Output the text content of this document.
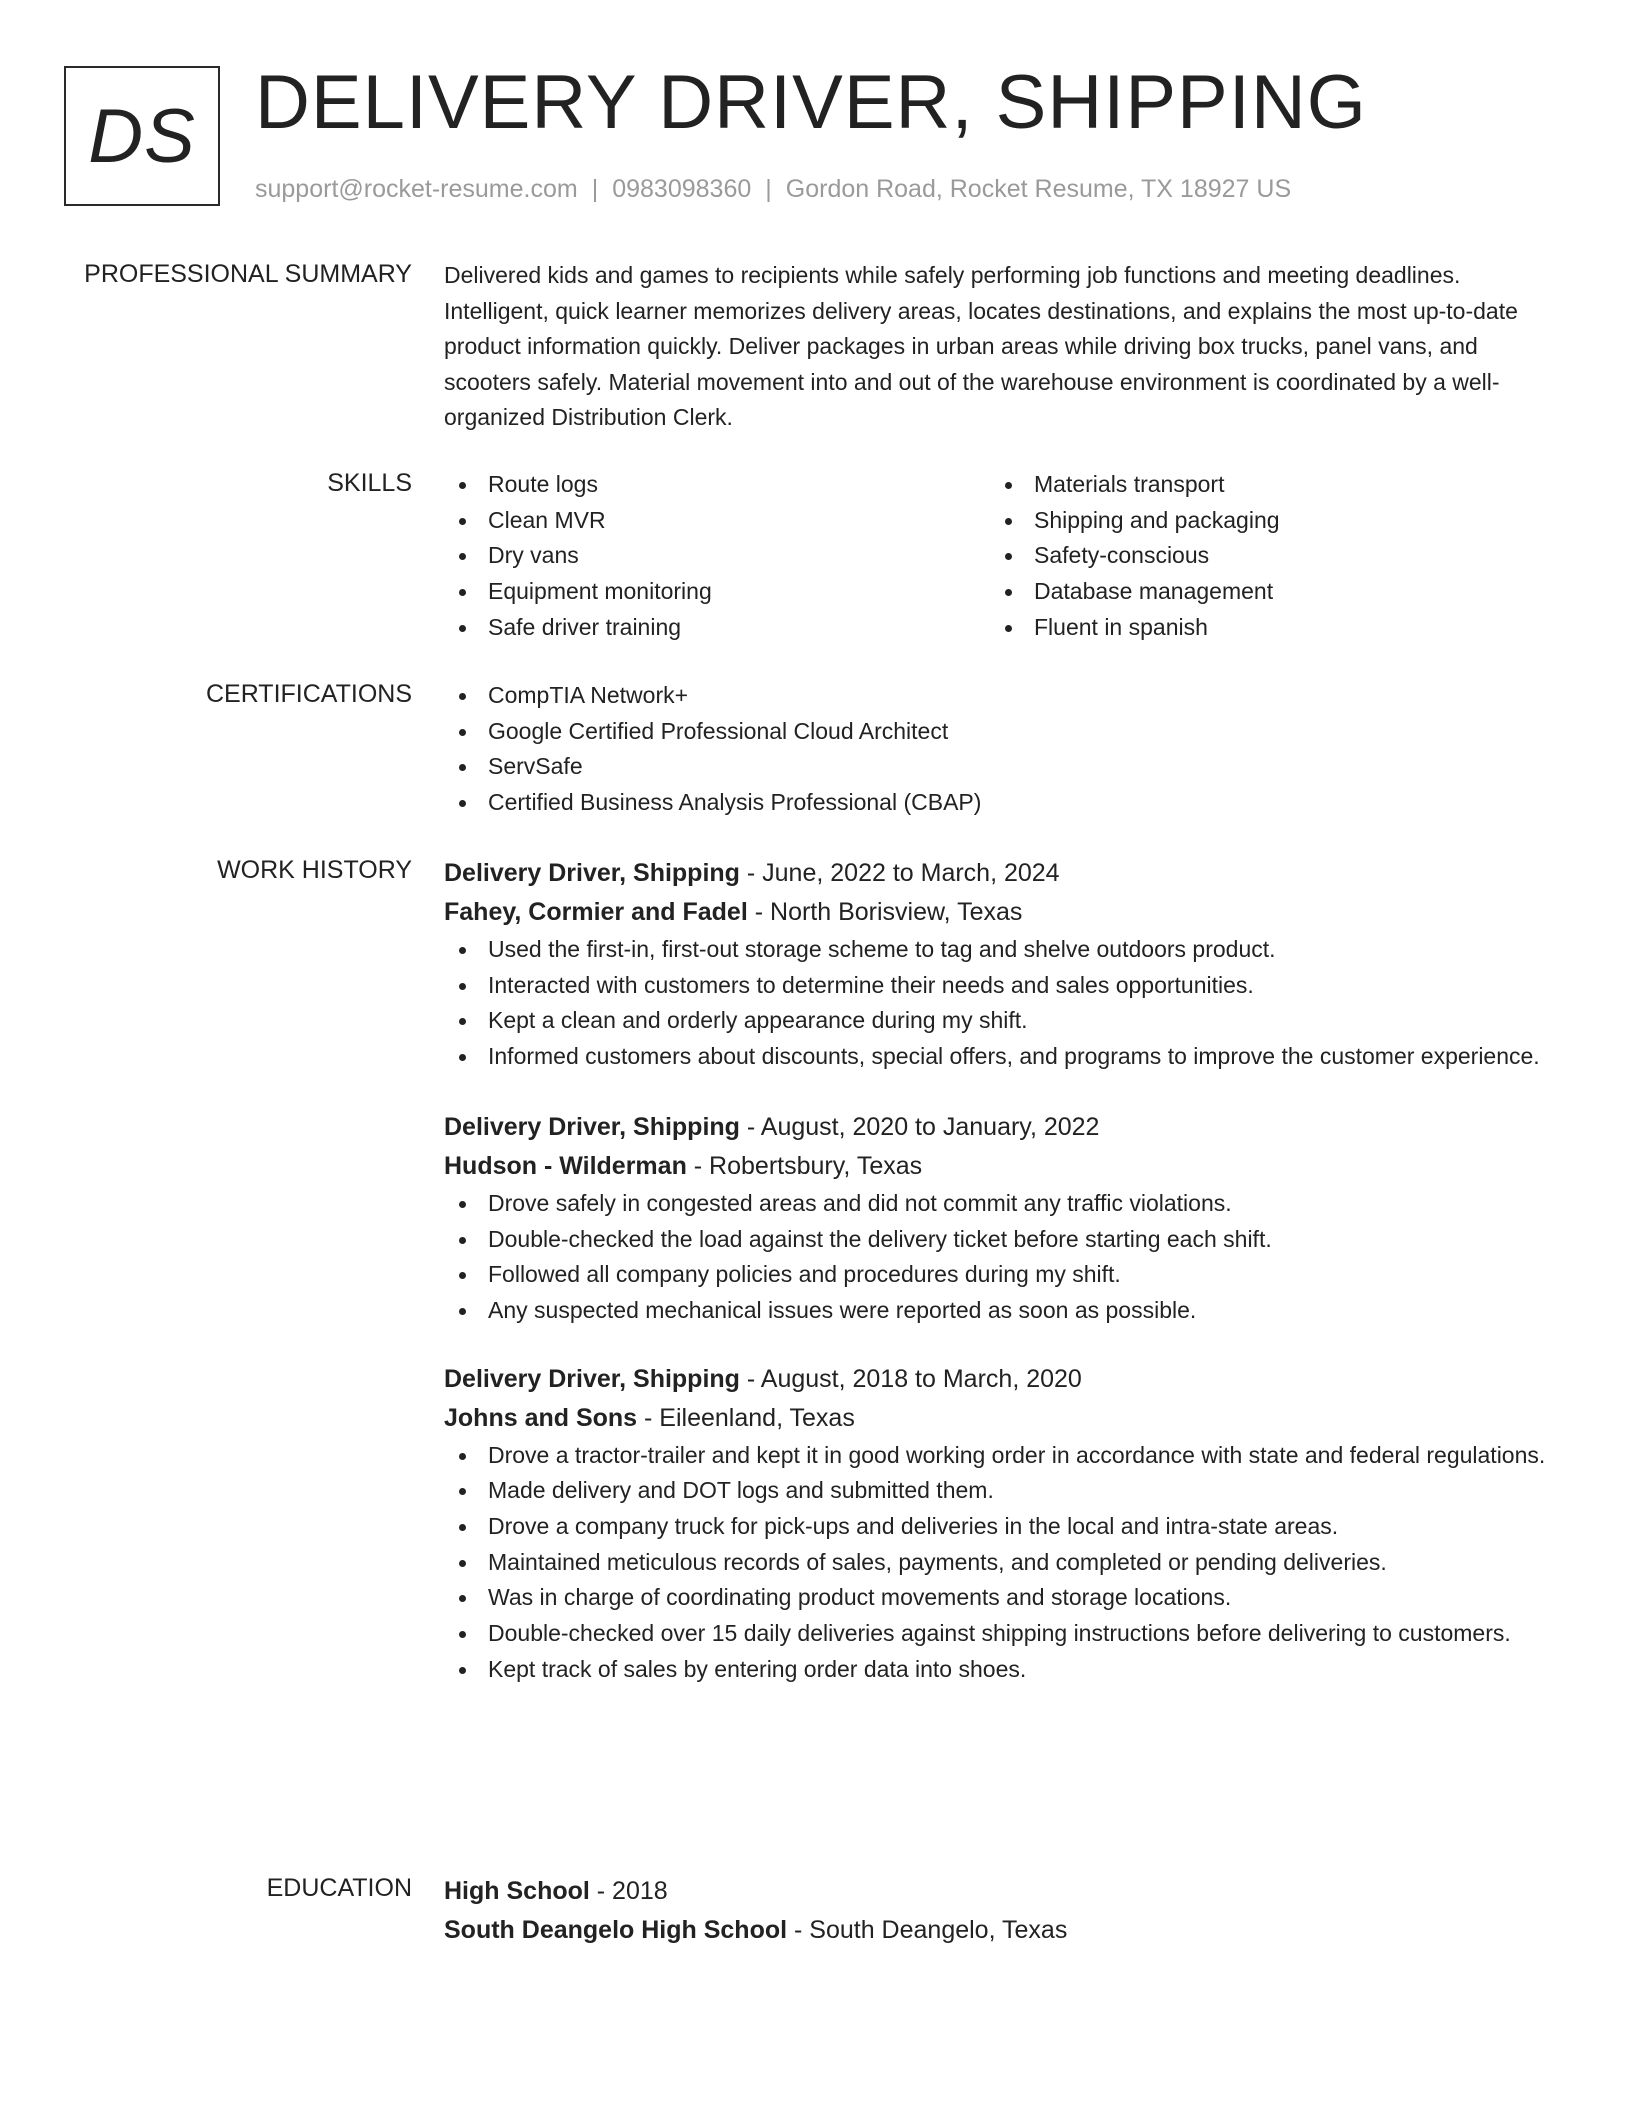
DS DELIVERY DRIVER, SHIPPING
support@rocket-resume.com | 0983098360 | Gordon Road, Rocket Resume, TX 18927 US
PROFESSIONAL SUMMARY Delivered kids and games to recipients while safely performing job functions and meeting deadlines. Intelligent, quick learner memorizes delivery areas, locates destinations, and explains the most up-to-date product information quickly. Deliver packages in urban areas while driving box trucks, panel vans, and scooters safely. Material movement into and out of the warehouse environment is coordinated by a well-organized Distribution Clerk.

SKILLS	Route logs
Clean MVR
Dry vans
Equipment monitoring
Safe driver training
Materials transport
Shipping and packaging
Safety-conscious
Database management
Fluent in spanish
CERTIFICATIONS	CompTIA Network+
Google Certified Professional Cloud Architect
ServSafe
Certified Business Analysis Professional (CBAP)
WORK HISTORY Delivery Driver, Shipping - June, 2022 to March, 2024
Fahey, Cormier and Fadel - North Borisview, Texas
Used the first-in, first-out storage scheme to tag and shelve outdoors product.
Interacted with customers to determine their needs and sales opportunities.
Kept a clean and orderly appearance during my shift.
Informed customers about discounts, special offers, and programs to improve the customer experience.
Delivery Driver, Shipping - August, 2020 to January, 2022
Hudson - Wilderman - Robertsbury, Texas
Drove safely in congested areas and did not commit any traffic violations.
Double-checked the load against the delivery ticket before starting each shift.
Followed all company policies and procedures during my shift.
Any suspected mechanical issues were reported as soon as possible.
Delivery Driver, Shipping - August, 2018 to March, 2020
Johns and Sons - Eileenland, Texas
Drove a tractor-trailer and kept it in good working order in accordance with state and federal regulations.
Made delivery and DOT logs and submitted them.
Drove a company truck for pick-ups and deliveries in the local and intra-state areas.
Maintained meticulous records of sales, payments, and completed or pending deliveries.
Was in charge of coordinating product movements and storage locations.
Double-checked over 15 daily deliveries against shipping instructions before delivering to customers.
Kept track of sales by entering order data into shoes.
EDUCATION High School - 2018
South Deangelo High School - South Deangelo, Texas
